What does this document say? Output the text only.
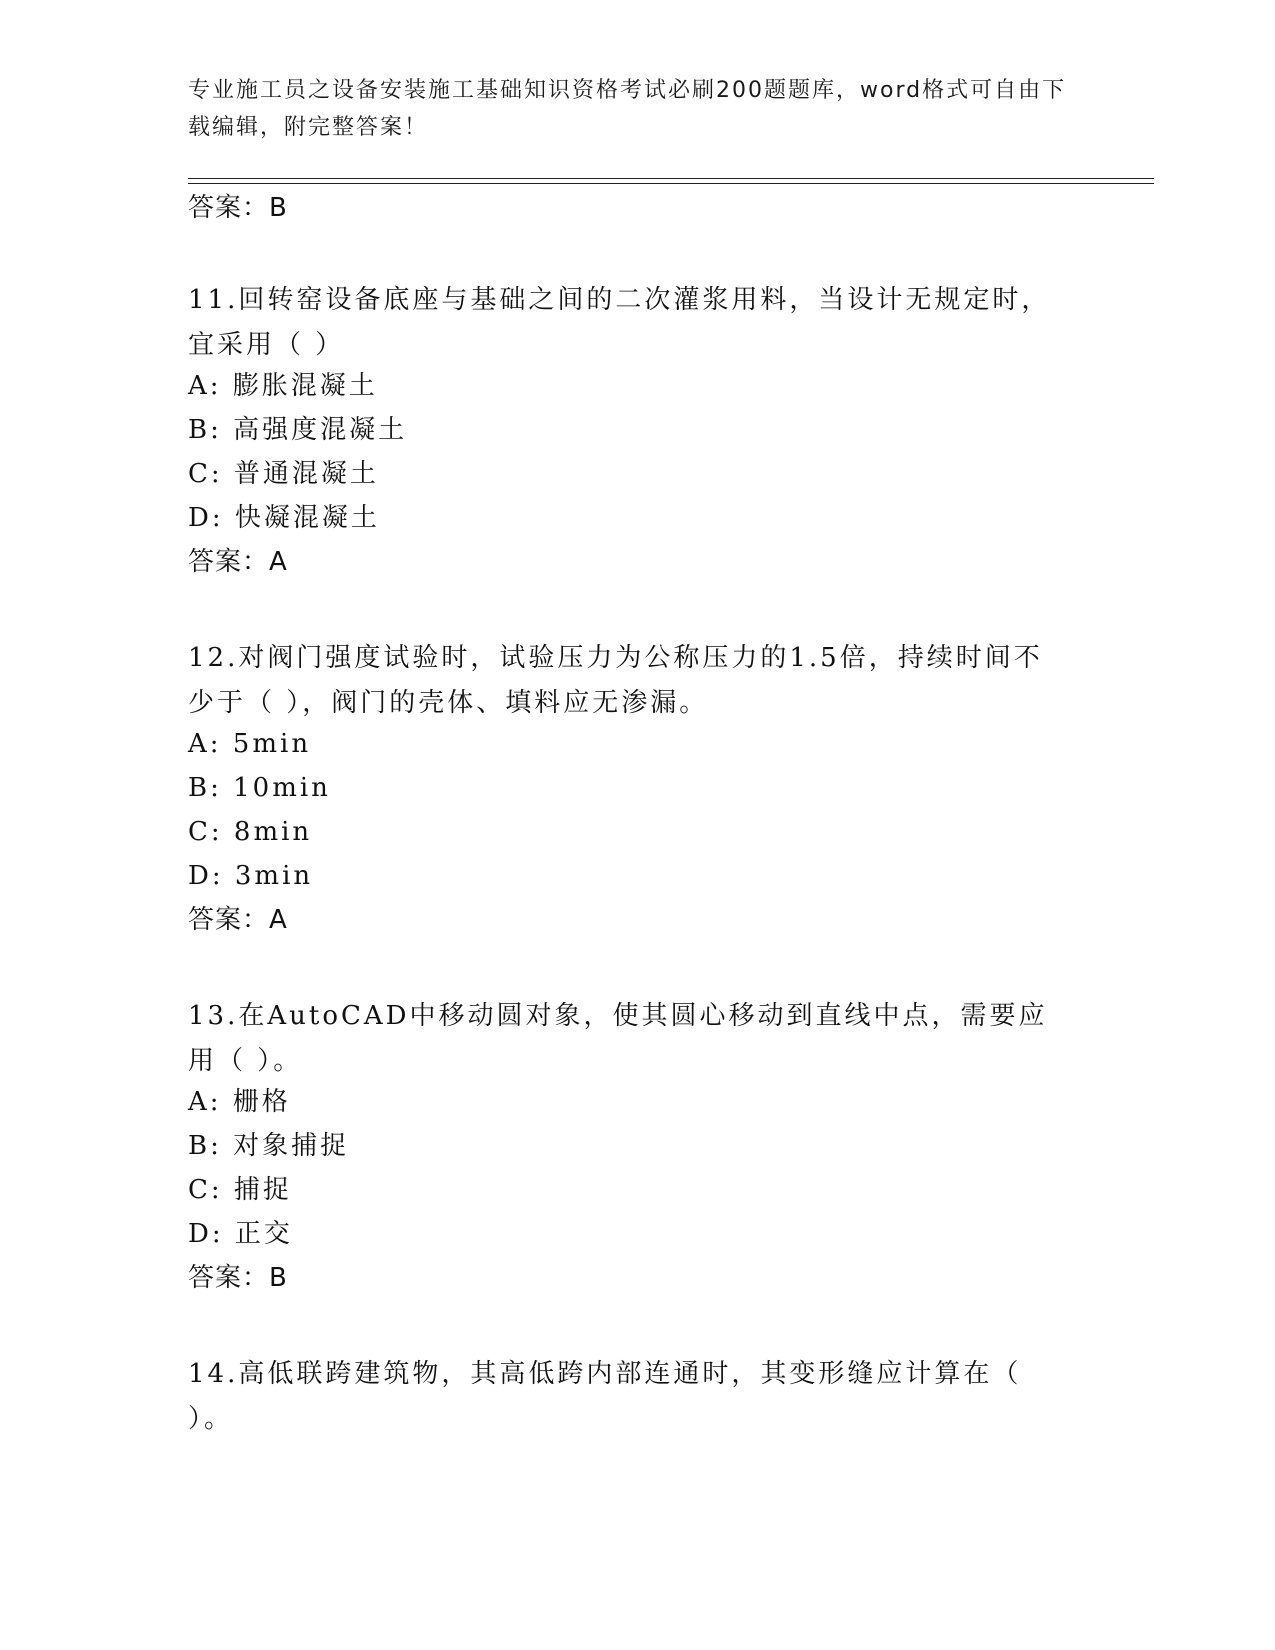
专业施工员之设备安装施工基础知识资格考试必刷200题题库，word格式可自由下载编辑，附完整答案！
答案：B
11.回转窑设备底座与基础之间的二次灌浆用料，当设计无规定时，宜采用（ ）
A: 膨胀混凝土
B: 高强度混凝土
C: 普通混凝土
D: 快凝混凝土
答案：A
12.对阀门强度试验时，试验压力为公称压力的1.5倍，持续时间不少于（ ），阀门的壳体、填料应无渗漏。
A: 5min
B: 10min
C: 8min
D: 3min
答案：A
13.在AutoCAD中移动圆对象，使其圆心移动到直线中点，需要应用（ ）。
A: 栅格
B: 对象捕捉
C: 捕捉
D: 正交
答案：B
14.高低联跨建筑物，其高低跨内部连通时，其变形缝应计算在（ ）。
